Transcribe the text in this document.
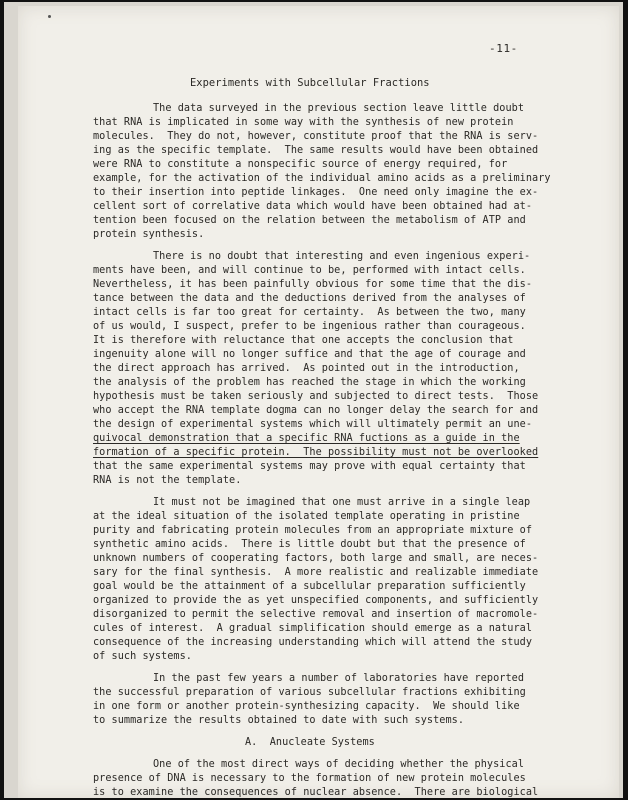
-11-
Experiments with Subcellular Fractions
The data surveyed in the previous section leave little doubt
that RNA is implicated in some way with the synthesis of new protein
molecules.  They do not, however, constitute proof that the RNA is serv-
ing as the specific template.  The same results would have been obtained
were RNA to constitute a nonspecific source of energy required, for
example, for the activation of the individual amino acids as a preliminary
to their insertion into peptide linkages.  One need only imagine the ex-
cellent sort of correlative data which would have been obtained had at-
tention been focused on the relation between the metabolism of ATP and
protein synthesis.
There is no doubt that interesting and even ingenious experi-
ments have been, and will continue to be, performed with intact cells.
Nevertheless, it has been painfully obvious for some time that the dis-
tance between the data and the deductions derived from the analyses of
intact cells is far too great for certainty.  As between the two, many
of us would, I suspect, prefer to be ingenious rather than courageous.
It is therefore with reluctance that one accepts the conclusion that
ingenuity alone will no longer suffice and that the age of courage and
the direct approach has arrived.  As pointed out in the introduction,
the analysis of the problem has reached the stage in which the working
hypothesis must be taken seriously and subjected to direct tests.  Those
who accept the RNA template dogma can no longer delay the search for and
the design of experimental systems which will ultimately permit an une-
quivocal demonstration that a specific RNA fuctions as a guide in the
formation of a specific protein.  The possibility must not be overlooked
that the same experimental systems may prove with equal certainty that
RNA is not the template.
It must not be imagined that one must arrive in a single leap
at the ideal situation of the isolated template operating in pristine
purity and fabricating protein molecules from an appropriate mixture of
synthetic amino acids.  There is little doubt but that the presence of
unknown numbers of cooperating factors, both large and small, are neces-
sary for the final synthesis.  A more realistic and realizable immediate
goal would be the attainment of a subcellular preparation sufficiently
organized to provide the as yet unspecified components, and sufficiently
disorganized to permit the selective removal and insertion of macromole-
cules of interest.  A gradual simplification should emerge as a natural
consequence of the increasing understanding which will attend the study
of such systems.
In the past few years a number of laboratories have reported
the successful preparation of various subcellular fractions exhibiting
in one form or another protein-synthesizing capacity.  We should like
to summarize the results obtained to date with such systems.
A.  Anucleate Systems
One of the most direct ways of deciding whether the physical
presence of DNA is necessary to the formation of new protein molecules
is to examine the consequences of nuclear absence.  There are biological
